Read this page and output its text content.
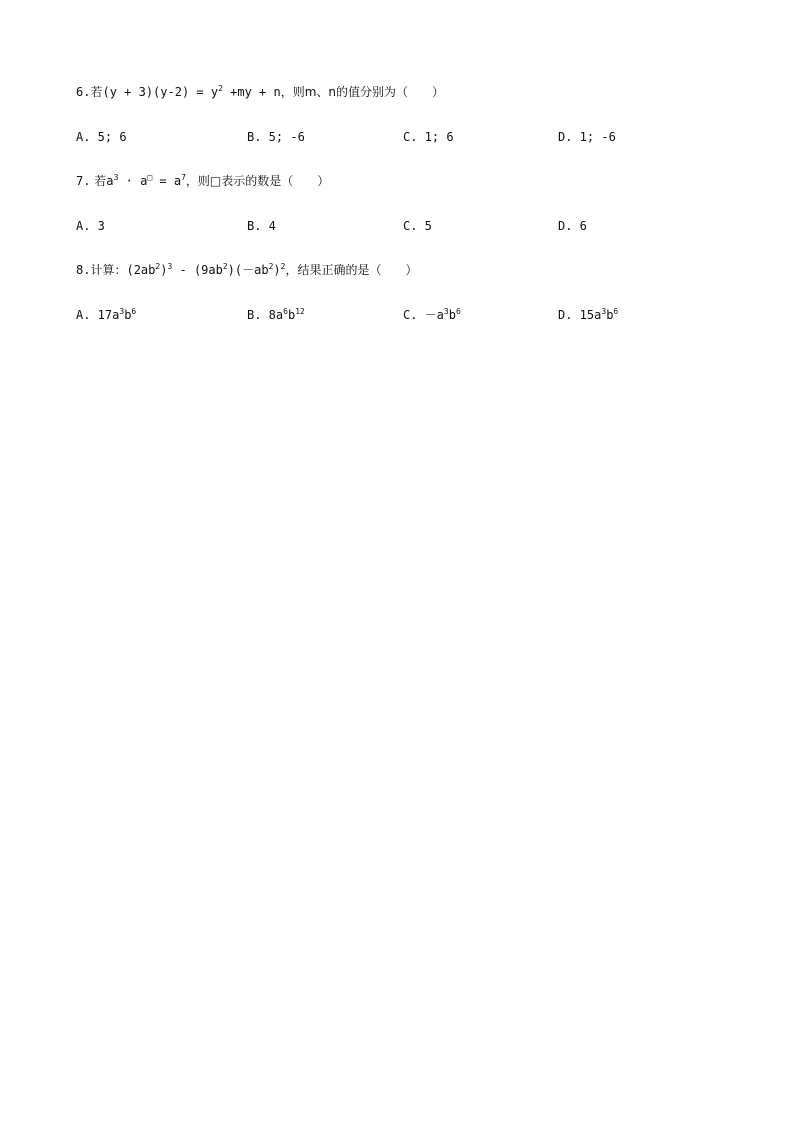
6.若$(y + 3)(y-2) = y^2 +my + n$，则m、n的值分别为（　　）
A. 5; 6	B. 5; -6	C. 1; 6	D. 1; -6
7. 若$a^3 \cdot a^□ = a^7$，则□表示的数是（　　）
A. 3	B. 4	C. 5	D. 6
8.计算：$(2ab^2)^3 - (9ab^2)(-ab^2)^2$，结果正确的是（　　）
A. $17a^3b^6$	B. $8a^6b^{12}$	C. $-a^3b^6$	D. $15a^3b^6$
